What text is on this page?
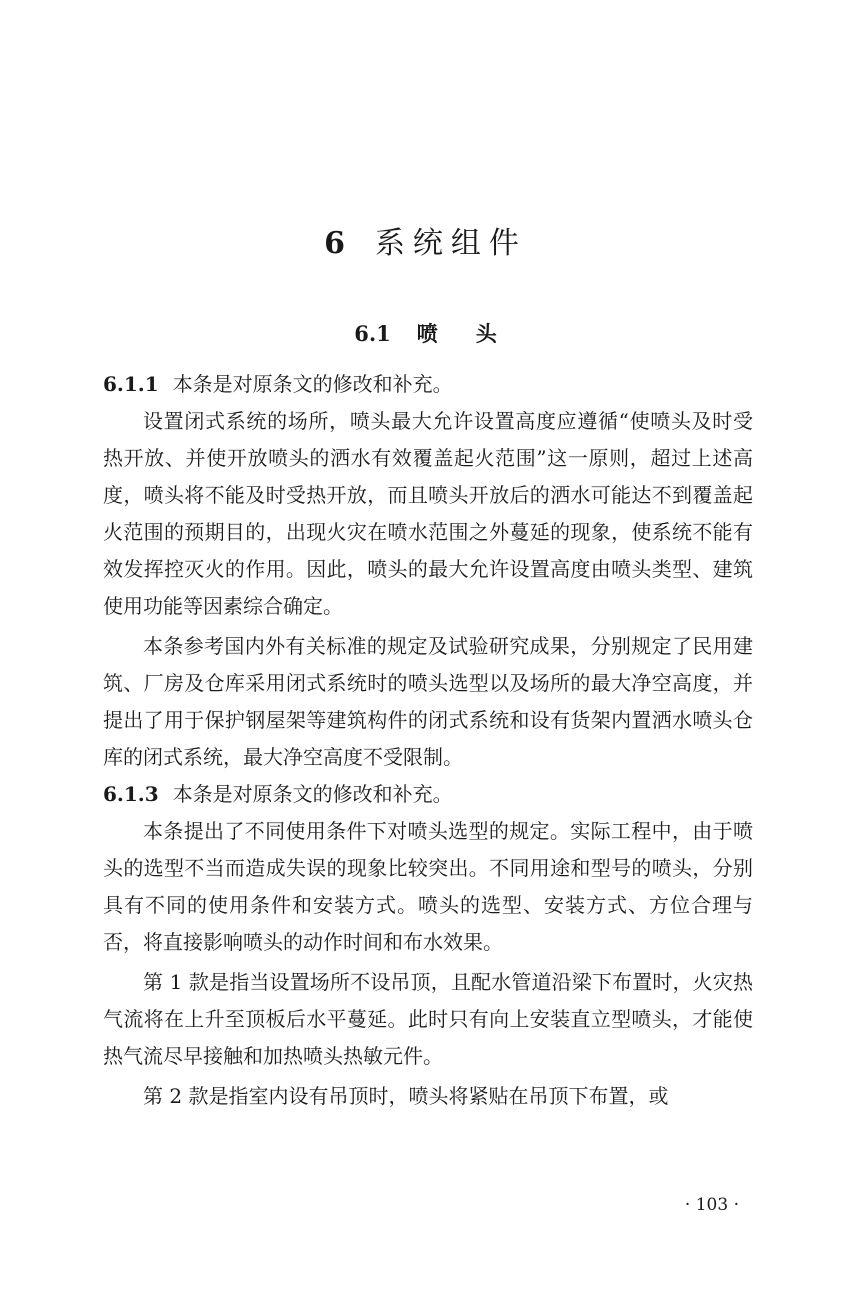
6 系统组件
6.1 喷 头

6.1.1 本条是对原条文的修改和补充。

设置闭式系统的场所，喷头最大允许设置高度应遵循“使喷头及时受热开放、并使开放喷头的洒水有效覆盖起火范围”这一原则，超过上述高度，喷头将不能及时受热开放，而且喷头开放后的洒水可能达不到覆盖起火范围的预期目的，出现火灾在喷水范围之外蔓延的现象，使系统不能有效发挥控灭火的作用。因此，喷头的最大允许设置高度由喷头类型、建筑使用功能等因素综合确定。

本条参考国内外有关标准的规定及试验研究成果，分别规定了民用建筑、厂房及仓库采用闭式系统时的喷头选型以及场所的最大净空高度，并提出了用于保护钢屋架等建筑构件的闭式系统和设有货架内置洒水喷头仓库的闭式系统，最大净空高度不受限制。

6.1.3 本条是对原条文的修改和补充。

本条提出了不同使用条件下对喷头选型的规定。实际工程中，由于喷头的选型不当而造成失误的现象比较突出。不同用途和型号的喷头，分别具有不同的使用条件和安装方式。喷头的选型、安装方式、方位合理与否，将直接影响喷头的动作时间和布水效果。

第 1 款是指当设置场所不设吊顶，且配水管道沿梁下布置时，火灾热气流将在上升至顶板后水平蔓延。此时只有向上安装直立型喷头，才能使热气流尽早接触和加热喷头热敏元件。

第 2 款是指室内设有吊顶时，喷头将紧贴在吊顶下布置，或

· 103 ·
